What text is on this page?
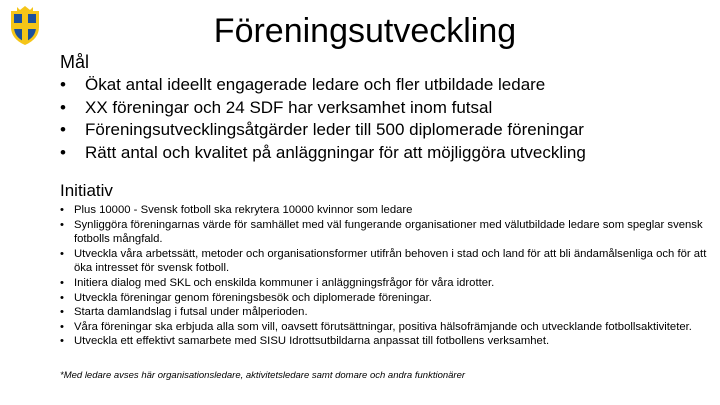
Föreningsutveckling
Mål
• Ökat antal ideellt engagerade ledare och fler utbildade ledare
• XX föreningar och 24 SDF har verksamhet inom futsal
• Föreningsutvecklingsåtgärder leder till 500 diplomerade föreningar
• Rätt antal och kvalitet på anläggningar för att möjliggöra utveckling
Initiativ
• Plus 10000 - Svensk fotboll ska rekrytera 10000 kvinnor som ledare
• Synliggöra föreningarnas värde för samhället med väl fungerande organisationer med välutbildade ledare som speglar svensk fotbolls mångfald.
• Utveckla våra arbetssätt, metoder och organisationsformer utifrån behoven i stad och land för att bli ändamålsenliga och för att öka intresset för svensk fotboll.
• Initiera dialog med SKL och enskilda kommuner i anläggningsfrågor för våra idrotter.
• Utveckla föreningar genom föreningsbesök och diplomerade föreningar.
• Starta damlandslag i futsal under målperioden.
• Våra föreningar ska erbjuda alla som vill, oavsett förutsättningar, positiva hälsofrämjande och utvecklande fotbollsaktiviteter.
• Utveckla ett effektivt samarbete med SISU Idrottsutbildarna anpassat till fotbollens verksamhet.
*Med ledare avses här organisationsledare, aktivitetsledare samt domare och andra funktionärer
